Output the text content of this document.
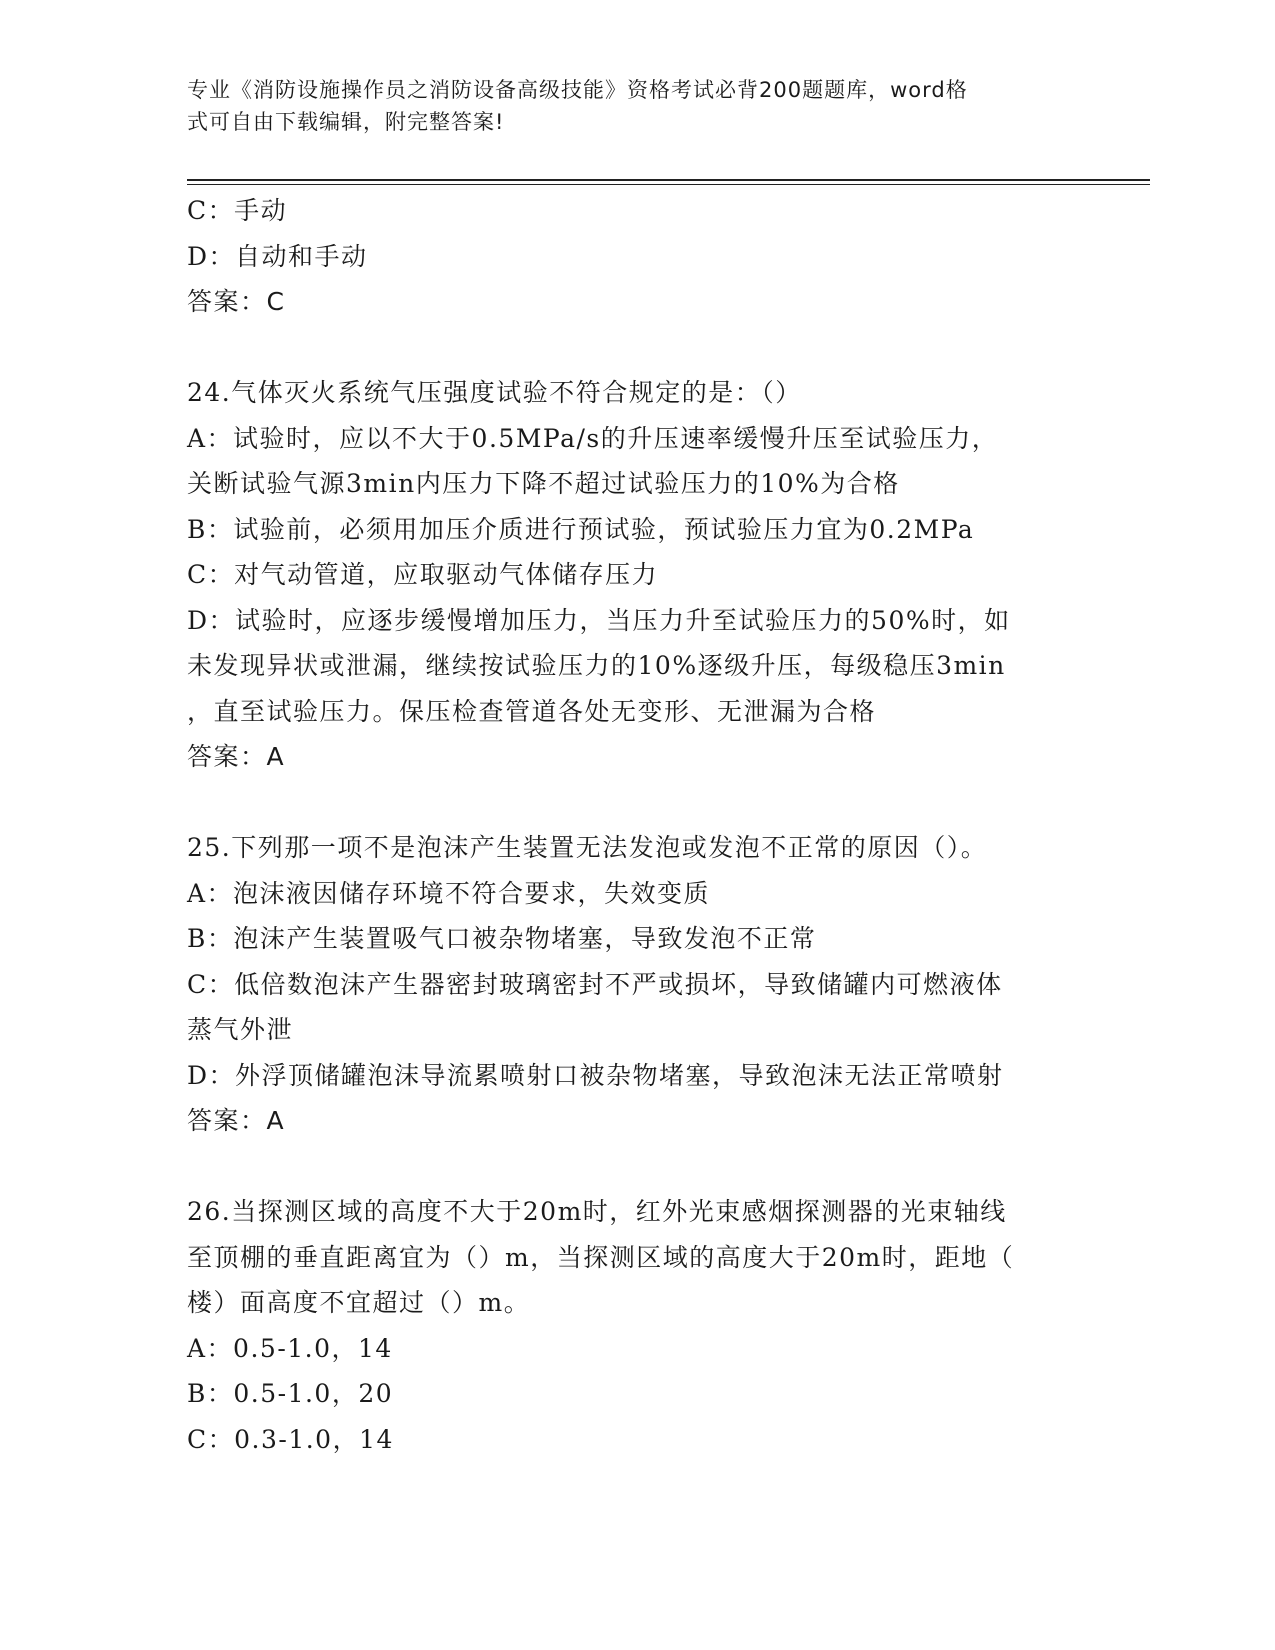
专业《消防设施操作员之消防设备高级技能》资格考试必背200题题库，word格
式可自由下载编辑，附完整答案!
C：手动
D：自动和手动
答案：C
24.气体灭火系统气压强度试验不符合规定的是：（）
A：试验时，应以不大于0.5MPa/s的升压速率缓慢升压至试验压力，
关断试验气源3min内压力下降不超过试验压力的10%为合格
B：试验前，必须用加压介质进行预试验，预试验压力宜为0.2MPa
C：对气动管道，应取驱动气体储存压力
D：试验时，应逐步缓慢增加压力，当压力升至试验压力的50%时，如
未发现异状或泄漏，继续按试验压力的10%逐级升压，每级稳压3min
，直至试验压力。保压检查管道各处无变形、无泄漏为合格
答案：A
25.下列那一项不是泡沫产生装置无法发泡或发泡不正常的原因（）。
A：泡沫液因储存环境不符合要求，失效变质
B：泡沫产生装置吸气口被杂物堵塞，导致发泡不正常
C：低倍数泡沫产生器密封玻璃密封不严或损坏，导致储罐内可燃液体
蒸气外泄
D：外浮顶储罐泡沫导流累喷射口被杂物堵塞，导致泡沫无法正常喷射
答案：A
26.当探测区域的高度不大于20m时，红外光束感烟探测器的光束轴线
至顶棚的垂直距离宜为（）m，当探测区域的高度大于20m时，距地（
楼）面高度不宜超过（）m。
A：0.5-1.0，14
B：0.5-1.0，20
C：0.3-1.0，14
